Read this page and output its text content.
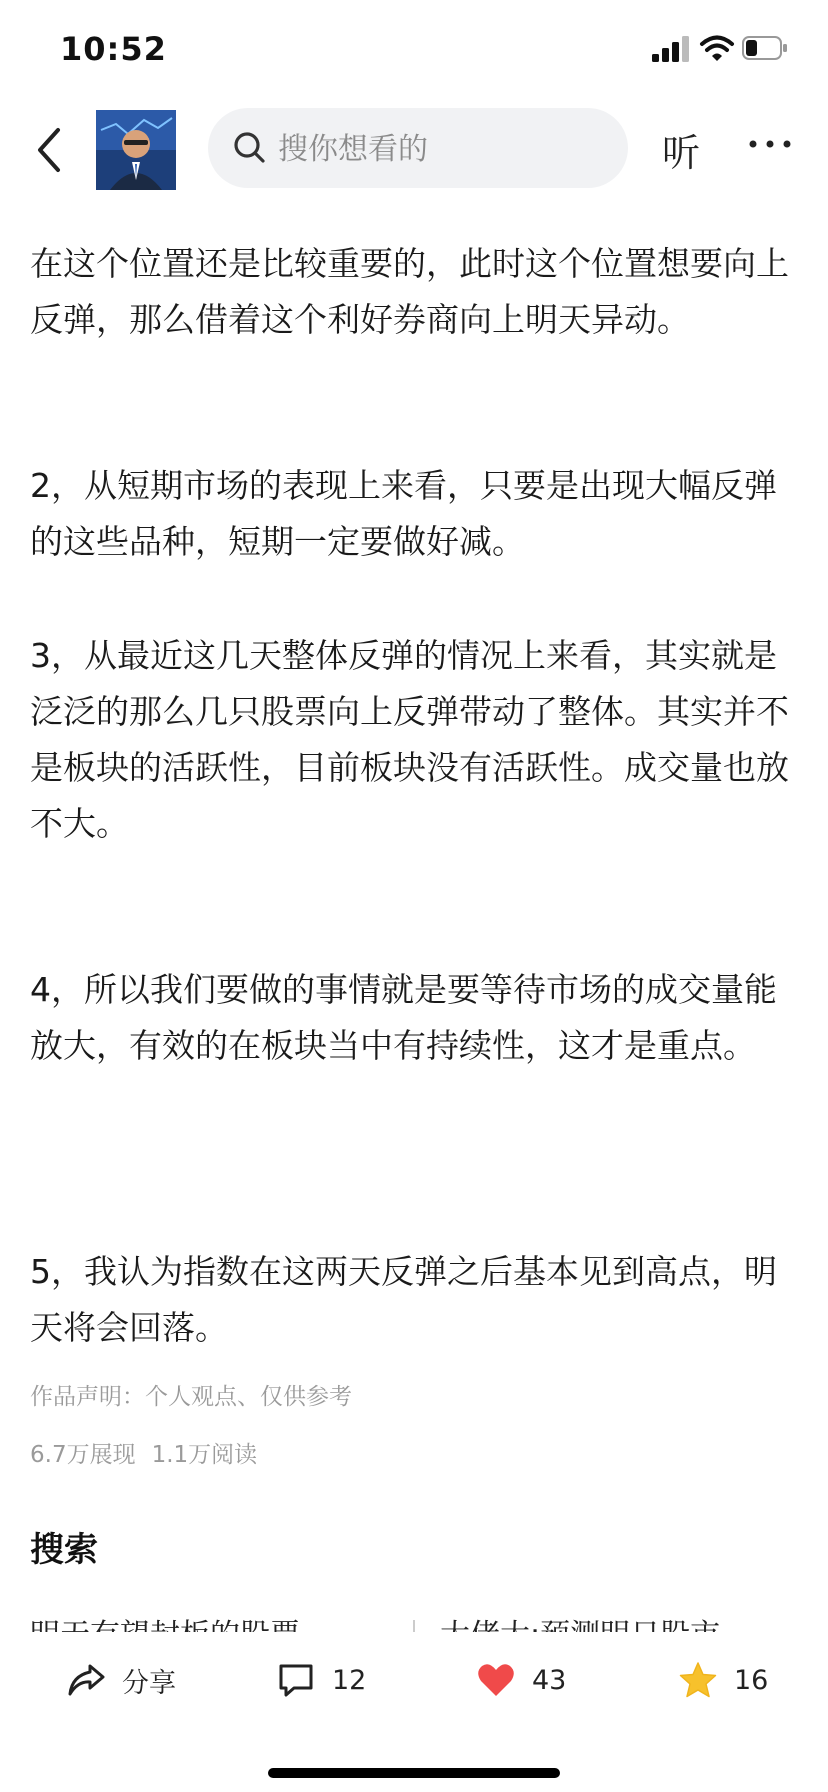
10:52
搜你想看的
听
在这个位置还是比较重要的，此时这个位置想要向上反弹，那么借着这个利好券商向上明天异动。
2，从短期市场的表现上来看，只要是出现大幅反弹的这些品种，短期一定要做好减。
3，从最近这几天整体反弹的情况上来看，其实就是泛泛的那么几只股票向上反弹带动了整体。其实并不是板块的活跃性，目前板块没有活跃性。成交量也放不大。
4，所以我们要做的事情就是要等待市场的成交量能放大，有效的在板块当中有持续性，这才是重点。
5，我认为指数在这两天反弹之后基本见到高点，明天将会回落。
作品声明：个人观点、仅供参考
6.7万展现 1.1万阅读
搜索
分享	12	43	16
